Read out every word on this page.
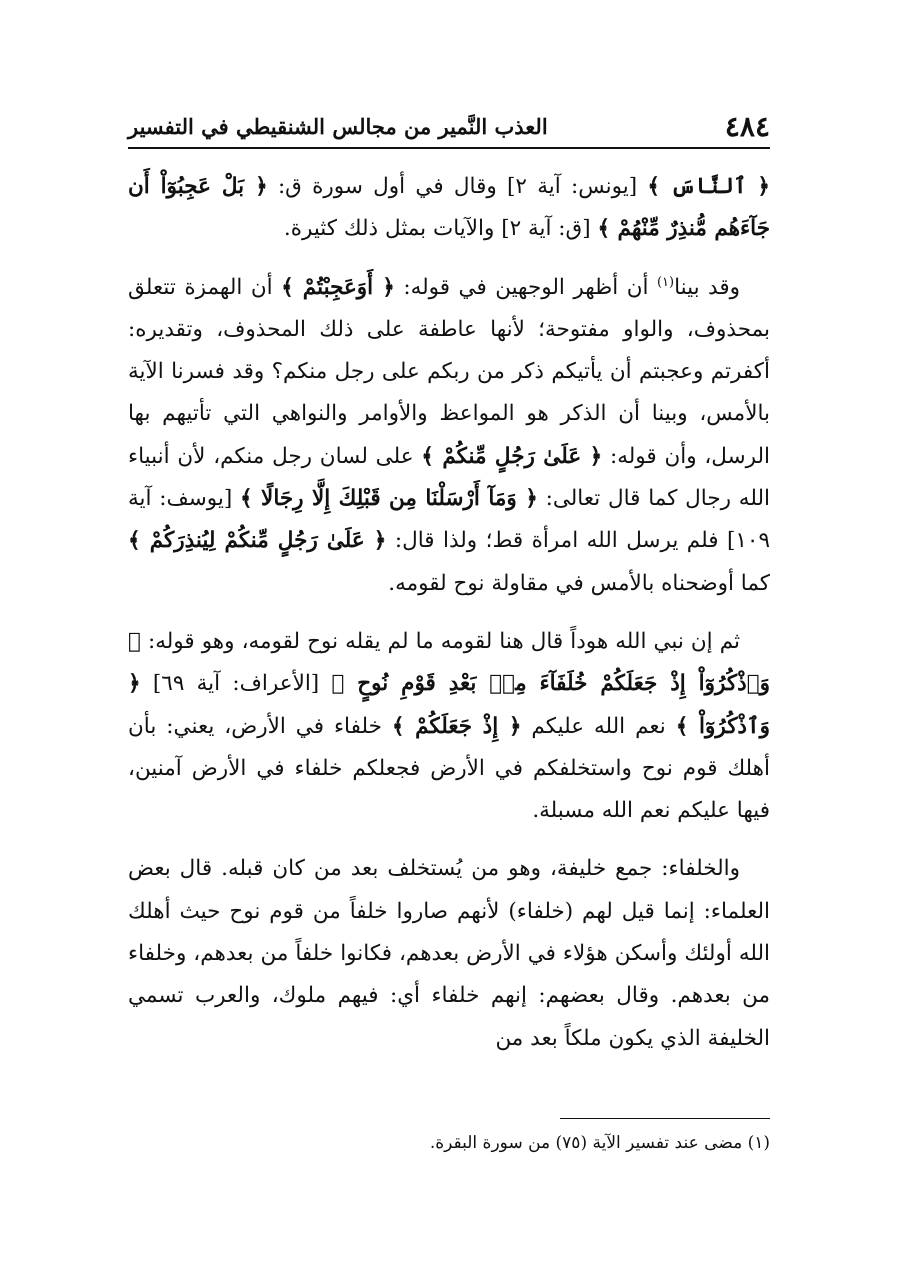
٤٨٤
العذب النَّمير من مجالس الشنقيطي في التفسير

﴿ ٱلنَّاسَ ﴾ [يونس: آية ٢] وقال في أول سورة ق: ﴿ بَلْ عَجِبُوٓاْ أَن جَآءَهُم مُّنذِرٌ مِّنْهُمْ ﴾ [ق: آية ٢] والآيات بمثل ذلك كثيرة.

وقد بينا$^{(١)}$ أن أظهر الوجهين في قوله: ﴿ أَوَعَجِبْتُمْ ﴾ أن الهمزة تتعلق بمحذوف، والواو مفتوحة؛ لأنها عاطفة على ذلك المحذوف، وتقديره: أكفرتم وعجبتم أن يأتيكم ذكر من ربكم على رجل منكم؟ وقد فسرنا الآية بالأمس، وبينا أن الذكر هو المواعظ والأوامر والنواهي التي تأتيهم بها الرسل، وأن قوله: ﴿ عَلَىٰ رَجُلٍ مِّنكُمْ ﴾ على لسان رجل منكم، لأن أنبياء الله رجال كما قال تعالى: ﴿ وَمَآ أَرْسَلْنَا مِن قَبْلِكَ إِلَّا رِجَالًا ﴾ [يوسف: آية ١٠٩] فلم يرسل الله امرأة قط؛ ولذا قال: ﴿ عَلَىٰ رَجُلٍ مِّنكُمْ لِيُنذِرَكُمْ ﴾ كما أوضحناه بالأمس في مقاولة نوح لقومه.

ثم إن نبي الله هوداً قال هنا لقومه ما لم يقله نوح لقومه، وهو قوله: ﴿ وَٱذْكُرُوٓاْ إِذْ جَعَلَكُمْ خُلَفَآءَ مِنۢ بَعْدِ قَوْمِ نُوحٍ ﴾ [الأعراف: آية ٦٩] ﴿ وَٱذْكُرُوٓاْ ﴾ نعم الله عليكم ﴿ إِذْ جَعَلَكُمْ ﴾ خلفاء في الأرض، يعني: بأن أهلك قوم نوح واستخلفكم في الأرض فجعلكم خلفاء في الأرض آمنين، فيها عليكم نعم الله مسبلة.

والخلفاء: جمع خليفة، وهو من يُستخلف بعد من كان قبله. قال بعض العلماء: إنما قيل لهم (خلفاء) لأنهم صاروا خلفاً من قوم نوح حيث أهلك الله أولئك وأسكن هؤلاء في الأرض بعدهم، فكانوا خلفاً من بعدهم، وخلفاء من بعدهم. وقال بعضهم: إنهم خلفاء أي: فيهم ملوك، والعرب تسمي الخليفة الذي يكون ملكاً بعد من

(١) مضى عند تفسير الآية (٧٥) من سورة البقرة.
